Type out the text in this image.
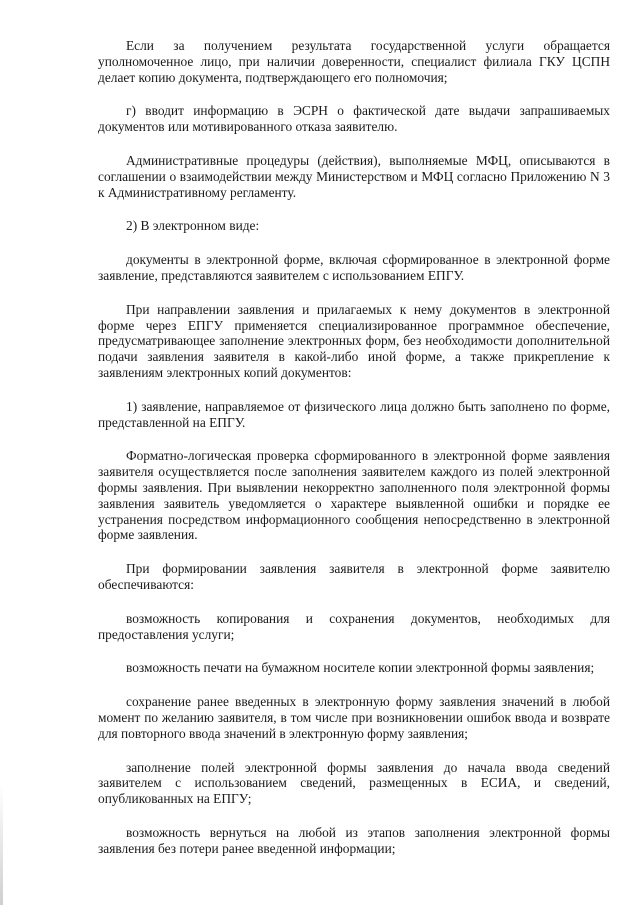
Если за получением результата государственной услуги обращается уполномоченное лицо, при наличии доверенности, специалист филиала ГКУ ЦСПН делает копию документа, подтверждающего его полномочия;

г) вводит информацию в ЭСРН о фактической дате выдачи запрашиваемых документов или мотивированного отказа заявителю.

Административные процедуры (действия), выполняемые МФЦ, описываются в соглашении о взаимодействии между Министерством и МФЦ согласно Приложению N 3 к Административному регламенту.

2) В электронном виде:

документы в электронной форме, включая сформированное в электронной форме заявление, представляются заявителем с использованием ЕПГУ.

При направлении заявления и прилагаемых к нему документов в электронной форме через ЕПГУ применяется специализированное программное обеспечение, предусматривающее заполнение электронных форм, без необходимости дополнительной подачи заявления заявителя в какой-либо иной форме, а также прикрепление к заявлениям электронных копий документов:

1) заявление, направляемое от физического лица должно быть заполнено по форме, представленной на ЕПГУ.

Форматно-логическая проверка сформированного в электронной форме заявления заявителя осуществляется после заполнения заявителем каждого из полей электронной формы заявления. При выявлении некорректно заполненного поля электронной формы заявления заявитель уведомляется о характере выявленной ошибки и порядке ее устранения посредством информационного сообщения непосредственно в электронной форме заявления.

При формировании заявления заявителя в электронной форме заявителю обеспечиваются:

возможность копирования и сохранения документов, необходимых для предоставления услуги;

возможность печати на бумажном носителе копии электронной формы заявления;

сохранение ранее введенных в электронную форму заявления значений в любой момент по желанию заявителя, в том числе при возникновении ошибок ввода и возврате для повторного ввода значений в электронную форму заявления;

заполнение полей электронной формы заявления до начала ввода сведений заявителем с использованием сведений, размещенных в ЕСИА, и сведений, опубликованных на ЕПГУ;

возможность вернуться на любой из этапов заполнения электронной формы заявления без потери ранее введенной информации;
